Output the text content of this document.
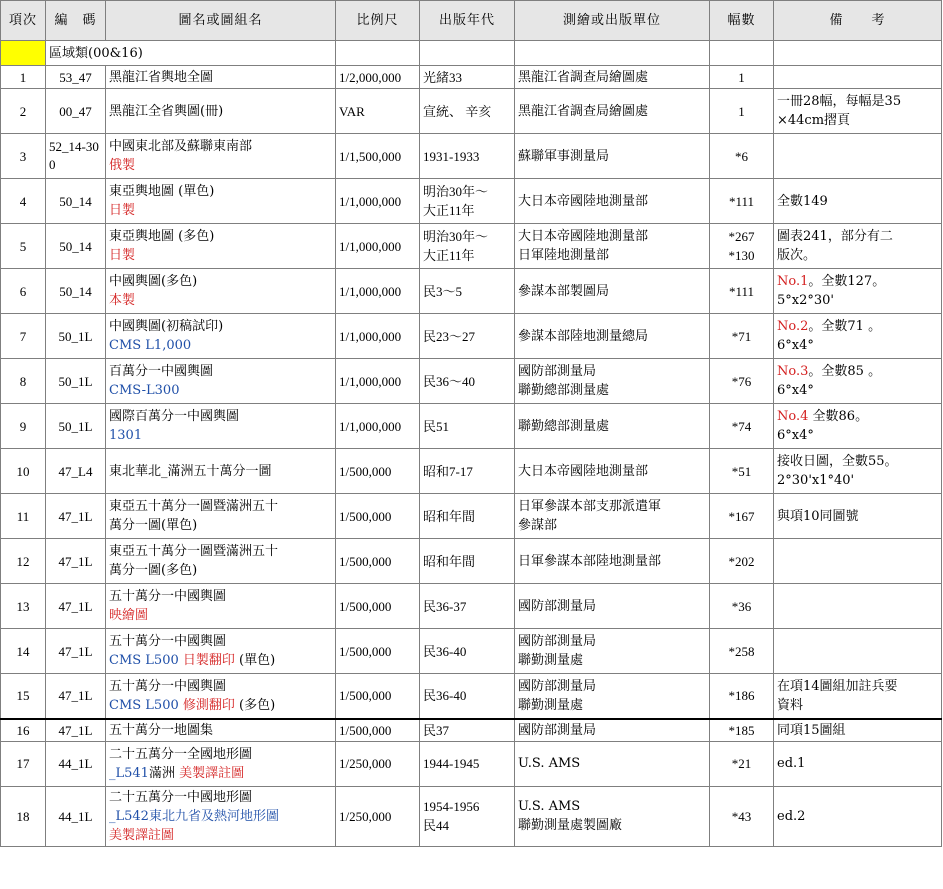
項次	編　碼	圖名或圖組名	比例尺	出版年代	測繪或出版單位	幅數	備　　考
	區域類(00&16)						
1	53_47	黑龍江省輿地全圖	1/2,000,000	光緒33	黑龍江省調查局繪圖處	1	
2	00_47	黑龍江全省輿圖(冊)	VAR	宣統、 辛亥	黑龍江省調查局繪圖處	1	一冊28幅，每幅是35
×44cm摺頁
3	52_14-300	中國東北部及蘇聯東南部
俄製	1/1,500,000	1931-1933	蘇聯軍事測量局	*6	
4	50_14	東亞輿地圖 (單色)
日製	1/1,000,000	明治30年～
大正11年	大日本帝國陸地測量部	*111	全數149
5	50_14	東亞輿地圖 (多色)
日製	1/1,000,000	明治30年～
大正11年	大日本帝國陸地測量部
日軍陸地測量部	*267
*130	圖表241，部分有二
版次。
6	50_14	中國輿圖(多色)
本製	1/1,000,000	民3～5	參謀本部製圖局	*111	No.1。全數127。
5°x2°30'
7	50_1L	中國輿圖(初稿試印)
CMS L1,000	1/1,000,000	民23～27	參謀本部陸地測量總局	*71	No.2。全數71 。
6°x4°
8	50_1L	百萬分一中國輿圖
CMS-L300	1/1,000,000	民36～40	國防部測量局
聯勤總部測量處	*76	No.3。全數85 。
6°x4°
9	50_1L	國際百萬分一中國輿圖
1301	1/1,000,000	民51	聯勤總部測量處	*74	No.4 全數86。
6°x4°
10	47_L4	東北華北_滿洲五十萬分一圖	1/500,000	昭和7-17	大日本帝國陸地測量部	*51	接收日圖，全數55。
2°30'x1°40'
11	47_1L	東亞五十萬分一圖暨滿洲五十
萬分一圖(單色)	1/500,000	昭和年間	日軍參謀本部支那派遣軍
參謀部	*167	與項10同圖號
12	47_1L	東亞五十萬分一圖暨滿洲五十
萬分一圖(多色)	1/500,000	昭和年間	日軍參謀本部陸地測量部	*202	
13	47_1L	五十萬分一中國輿圖
映繪圖	1/500,000	民36-37	國防部測量局	*36	
14	47_1L	五十萬分一中國輿圖
CMS L500 日製翻印 (單色)	1/500,000	民36-40	國防部測量局
聯勤測量處	*258	
15	47_1L	五十萬分一中國輿圖
CMS L500 修測翻印 (多色)	1/500,000	民36-40	國防部測量局
聯勤測量處	*186	在項14圖組加註兵要
資料
16	47_1L	五十萬分一地圖集	1/500,000	民37	國防部測量局	*185	同項15圖組
17	44_1L	二十五萬分一全國地形圖
_L541滿洲 美製譯註圖	1/250,000	1944-1945	U.S. AMS	*21	ed.1
18	44_1L	二十五萬分一中國地形圖
_L542東北九省及熱河地形圖
美製譯註圖	1/250,000	1954-1956
民44	U.S. AMS
聯勤測量處製圖廠	*43	ed.2
